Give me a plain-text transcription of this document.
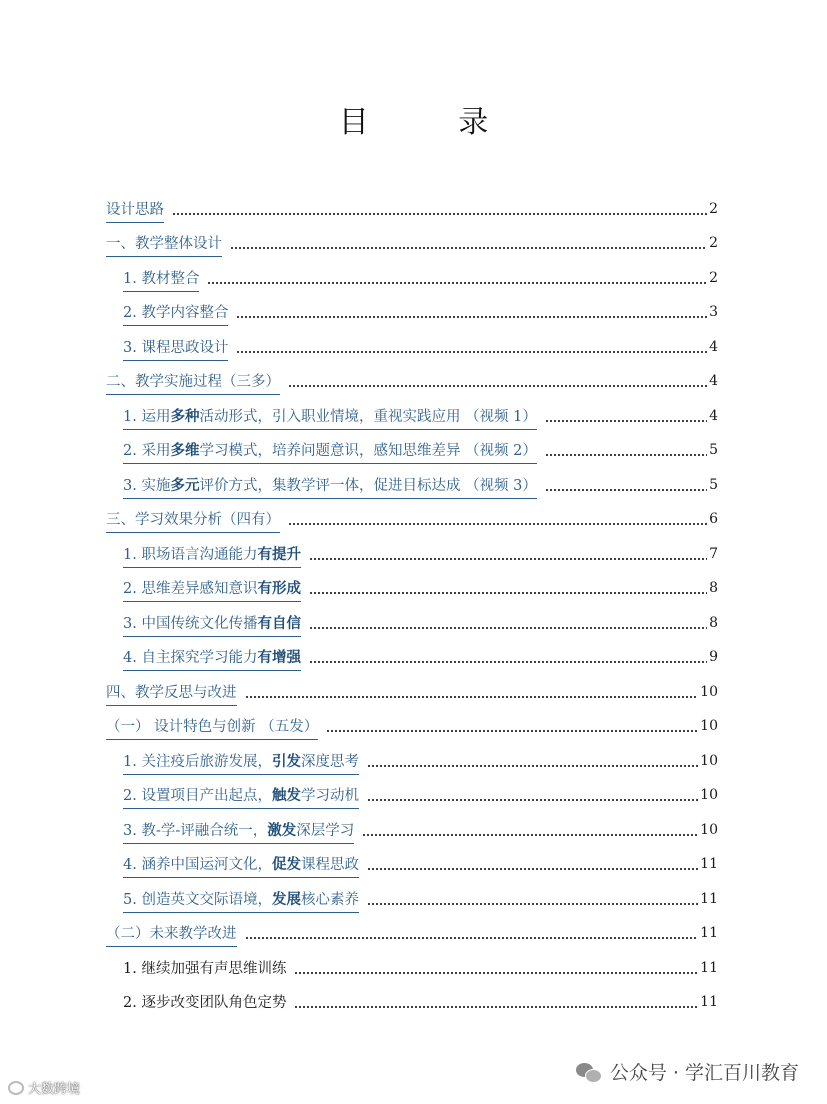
目 录
设计思路	2
一、教学整体设计	2
1. 教材整合	2
2. 教学内容整合	3
3. 课程思政设计	4
二、教学实施过程（三多）	4
1. 运用多种活动形式，引入职业情境，重视实践应用 （视频 1）	4
2. 采用多维学习模式，培养问题意识，感知思维差异 （视频 2）	5
3. 实施多元评价方式，集教学评一体，促进目标达成 （视频 3）	5
三、学习效果分析（四有）	6
1. 职场语言沟通能力有提升	7
2. 思维差异感知意识有形成	8
3. 中国传统文化传播有自信	8
4. 自主探究学习能力有增强	9
四、教学反思与改进	10
（一） 设计特色与创新 （五发）	10
1. 关注疫后旅游发展，引发深度思考	10
2. 设置项目产出起点，触发学习动机	10
3. 教-学-评融合统一，激发深层学习	10
4. 涵养中国运河文化，促发课程思政	11
5. 创造英文交际语境，发展核心素养	11
（二）未来教学改进	11
1. 继续加强有声思维训练	11
2. 逐步改变团队角色定势	11
公众号 · 学汇百川教育
大数跨境
